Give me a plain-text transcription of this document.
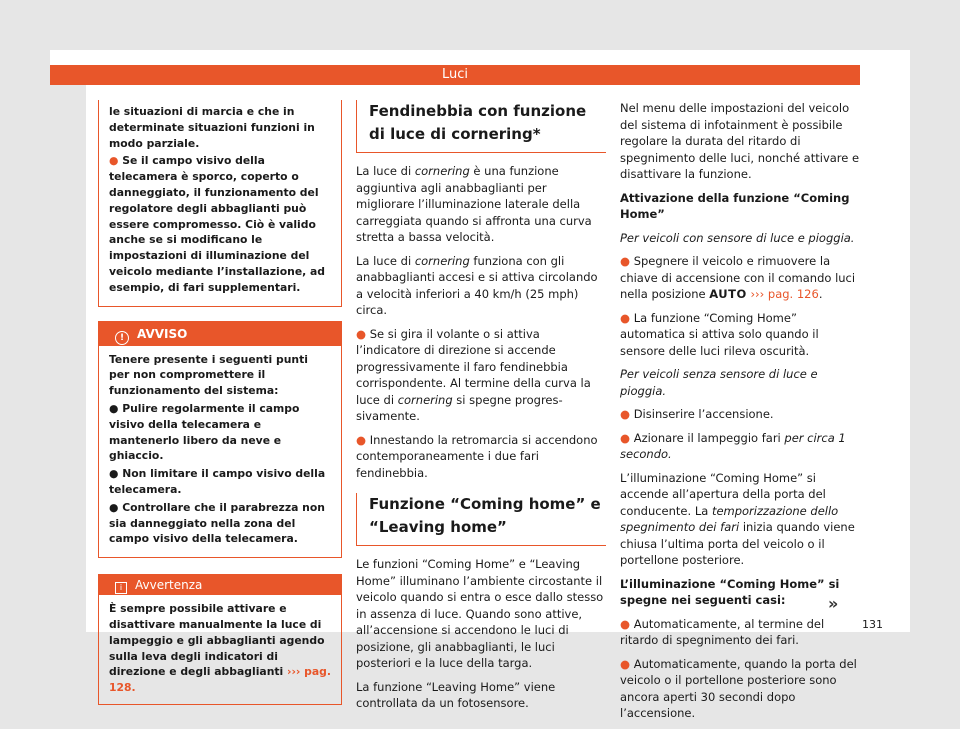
Luci

le situazioni di marcia e che in determinate situazioni funzioni in modo parziale.

● Se il campo visivo della telecamera è sporco, coperto o danneggiato, il funzionamento del regolatore degli abbaglianti può essere compromesso. Ciò è valido anche se si modificano le impostazioni di illuminazione del veicolo mediante l’installazione, ad esempio, di fari supplementari.

! AVVISO

Tenere presente i seguenti punti per non compromettere il funzionamento del sistema:

● Pulire regolarmente il campo visivo della telecamera e mantenerlo libero da neve e ghiaccio.

● Non limitare il campo visivo della telecamera.

● Controllare che il parabrezza non sia danneggiato nella zona del campo visivo della telecamera.

i Avvertenza

È sempre possibile attivare e disattivare manualmente la luce di lampeggio e gli abbaglianti agendo sulla leva degli indicatori di direzione e degli abbaglianti ››› pag. 128.

Fendinebbia con funzione di luce di cornering*

La luce di cornering è una funzione aggiuntiva agli anabbaglianti per migliorare l’illuminazione laterale della carreggiata quando si affronta una curva stretta a bassa velocità.

La luce di cornering funziona con gli anabbaglianti accesi e si attiva circolando a velocità inferiori a 40 km/h (25 mph) circa.

● Se si gira il volante o si attiva l’indicatore di direzione si accende progressivamente il faro fendinebbia corrispondente. Al termine della curva la luce di cornering si spegne progressivamente.

● Innestando la retromarcia si accendono contemporaneamente i due fari fendinebbia.

Funzione “Coming home” e “Leaving home”

Le funzioni “Coming Home” e “Leaving Home” illuminano l’ambiente circostante il veicolo quando si entra o esce dallo stesso in assenza di luce. Quando sono attive, all’accensione si accendono le luci di posizione, gli anabbaglianti, le luci posteriori e la luce della targa.

La funzione “Leaving Home” viene controllata da un fotosensore.

Nel menu delle impostazioni del veicolo del sistema di infotainment è possibile regolare la durata del ritardo di spegnimento delle luci, nonché attivare e disattivare la funzione.

Attivazione della funzione “Coming Home”

Per veicoli con sensore di luce e pioggia.

● Spegnere il veicolo e rimuovere la chiave di accensione con il comando luci nella posizione AUTO ››› pag. 126.

● La funzione “Coming Home” automatica si attiva solo quando il sensore delle luci rileva oscurità.

Per veicoli senza sensore di luce e pioggia.

● Disinserire l’accensione.

● Azionare il lampeggio fari per circa 1 secondo.

L’illuminazione “Coming Home” si accende all’apertura della porta del conducente. La temporizzazione dello spegnimento dei fari inizia quando viene chiusa l’ultima porta del veicolo o il portellone posteriore.

L’illuminazione “Coming Home” si spegne nei seguenti casi:

● Automaticamente, al termine del ritardo di spegnimento dei fari.

● Automaticamente, quando la porta del veicolo o il portellone posteriore sono ancora aperti 30 secondi dopo l’accensione.

»
131
